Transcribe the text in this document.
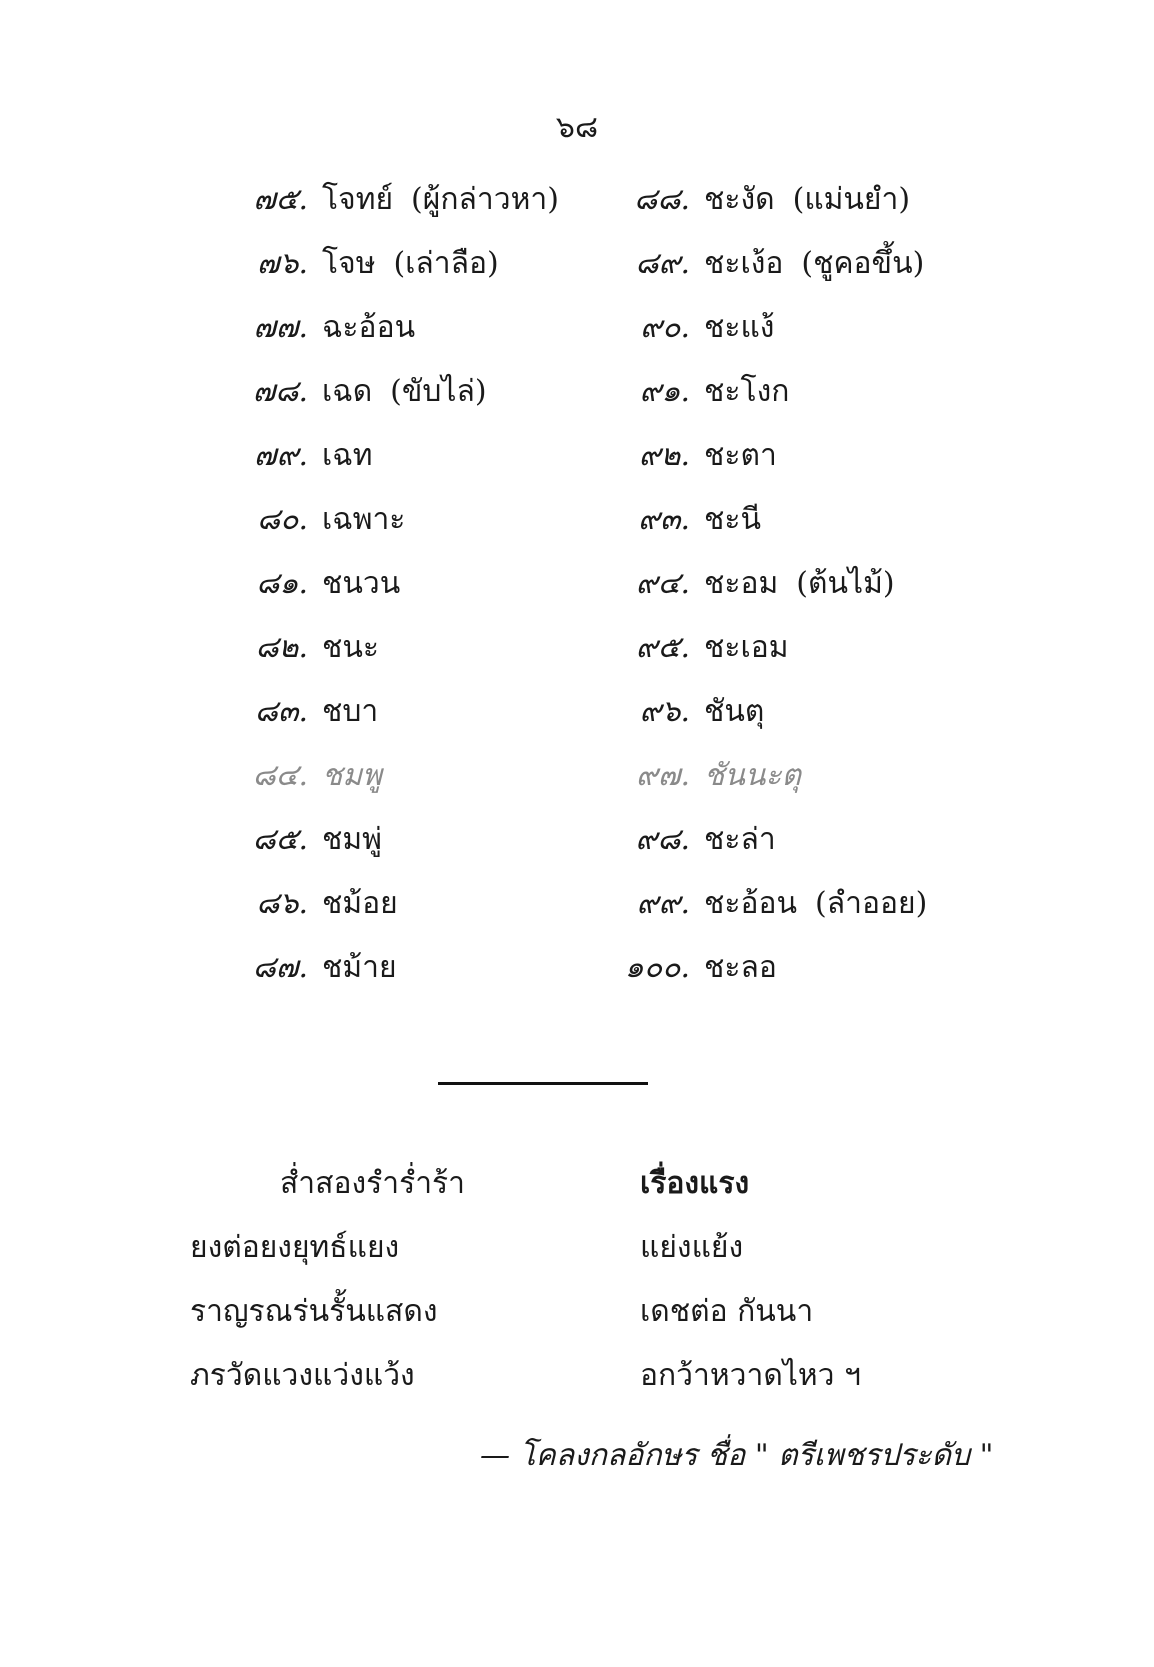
๖๘
๗๕. โจทย์ (ผู้กล่าวหา)
๗๖. โจษ (เล่าลือ)
๗๗. ฉะอ้อน
๗๘. เฉด (ขับไล่)
๗๙. เฉท
๘๐. เฉพาะ
๘๑. ชนวน
๘๒. ชนะ
๘๓. ชบา
๘๔. ชมพู
๘๕. ชมพู่
๘๖. ชม้อย
๘๗. ชม้าย
๘๘. ชะงัด (แม่นยำ)
๘๙. ชะเง้อ (ชูคอขึ้น)
๙๐. ชะแง้
๙๑. ชะโงก
๙๒. ชะตา
๙๓. ชะนี
๙๔. ชะอม (ต้นไม้)
๙๕. ชะเอม
๙๖. ชันตุ
๙๗. ชันนะตุ
๙๘. ชะล่า
๙๙. ชะอ้อน (ลำออย)
๑๐๐. ชะลอ
ส่ำสองรำร่ำร้า
ยงต่อยงยุทธ์แยง
ราญรณร่นรั้นแสดง
ภรวัดแวงแว่งแว้ง
เรื่องแรง
แย่งแย้ง
เดชต่อ กันนา
อกว้าหวาดไหว ฯ
— โคลงกลอักษร ชื่อ " ตรีเพชรประดับ "
